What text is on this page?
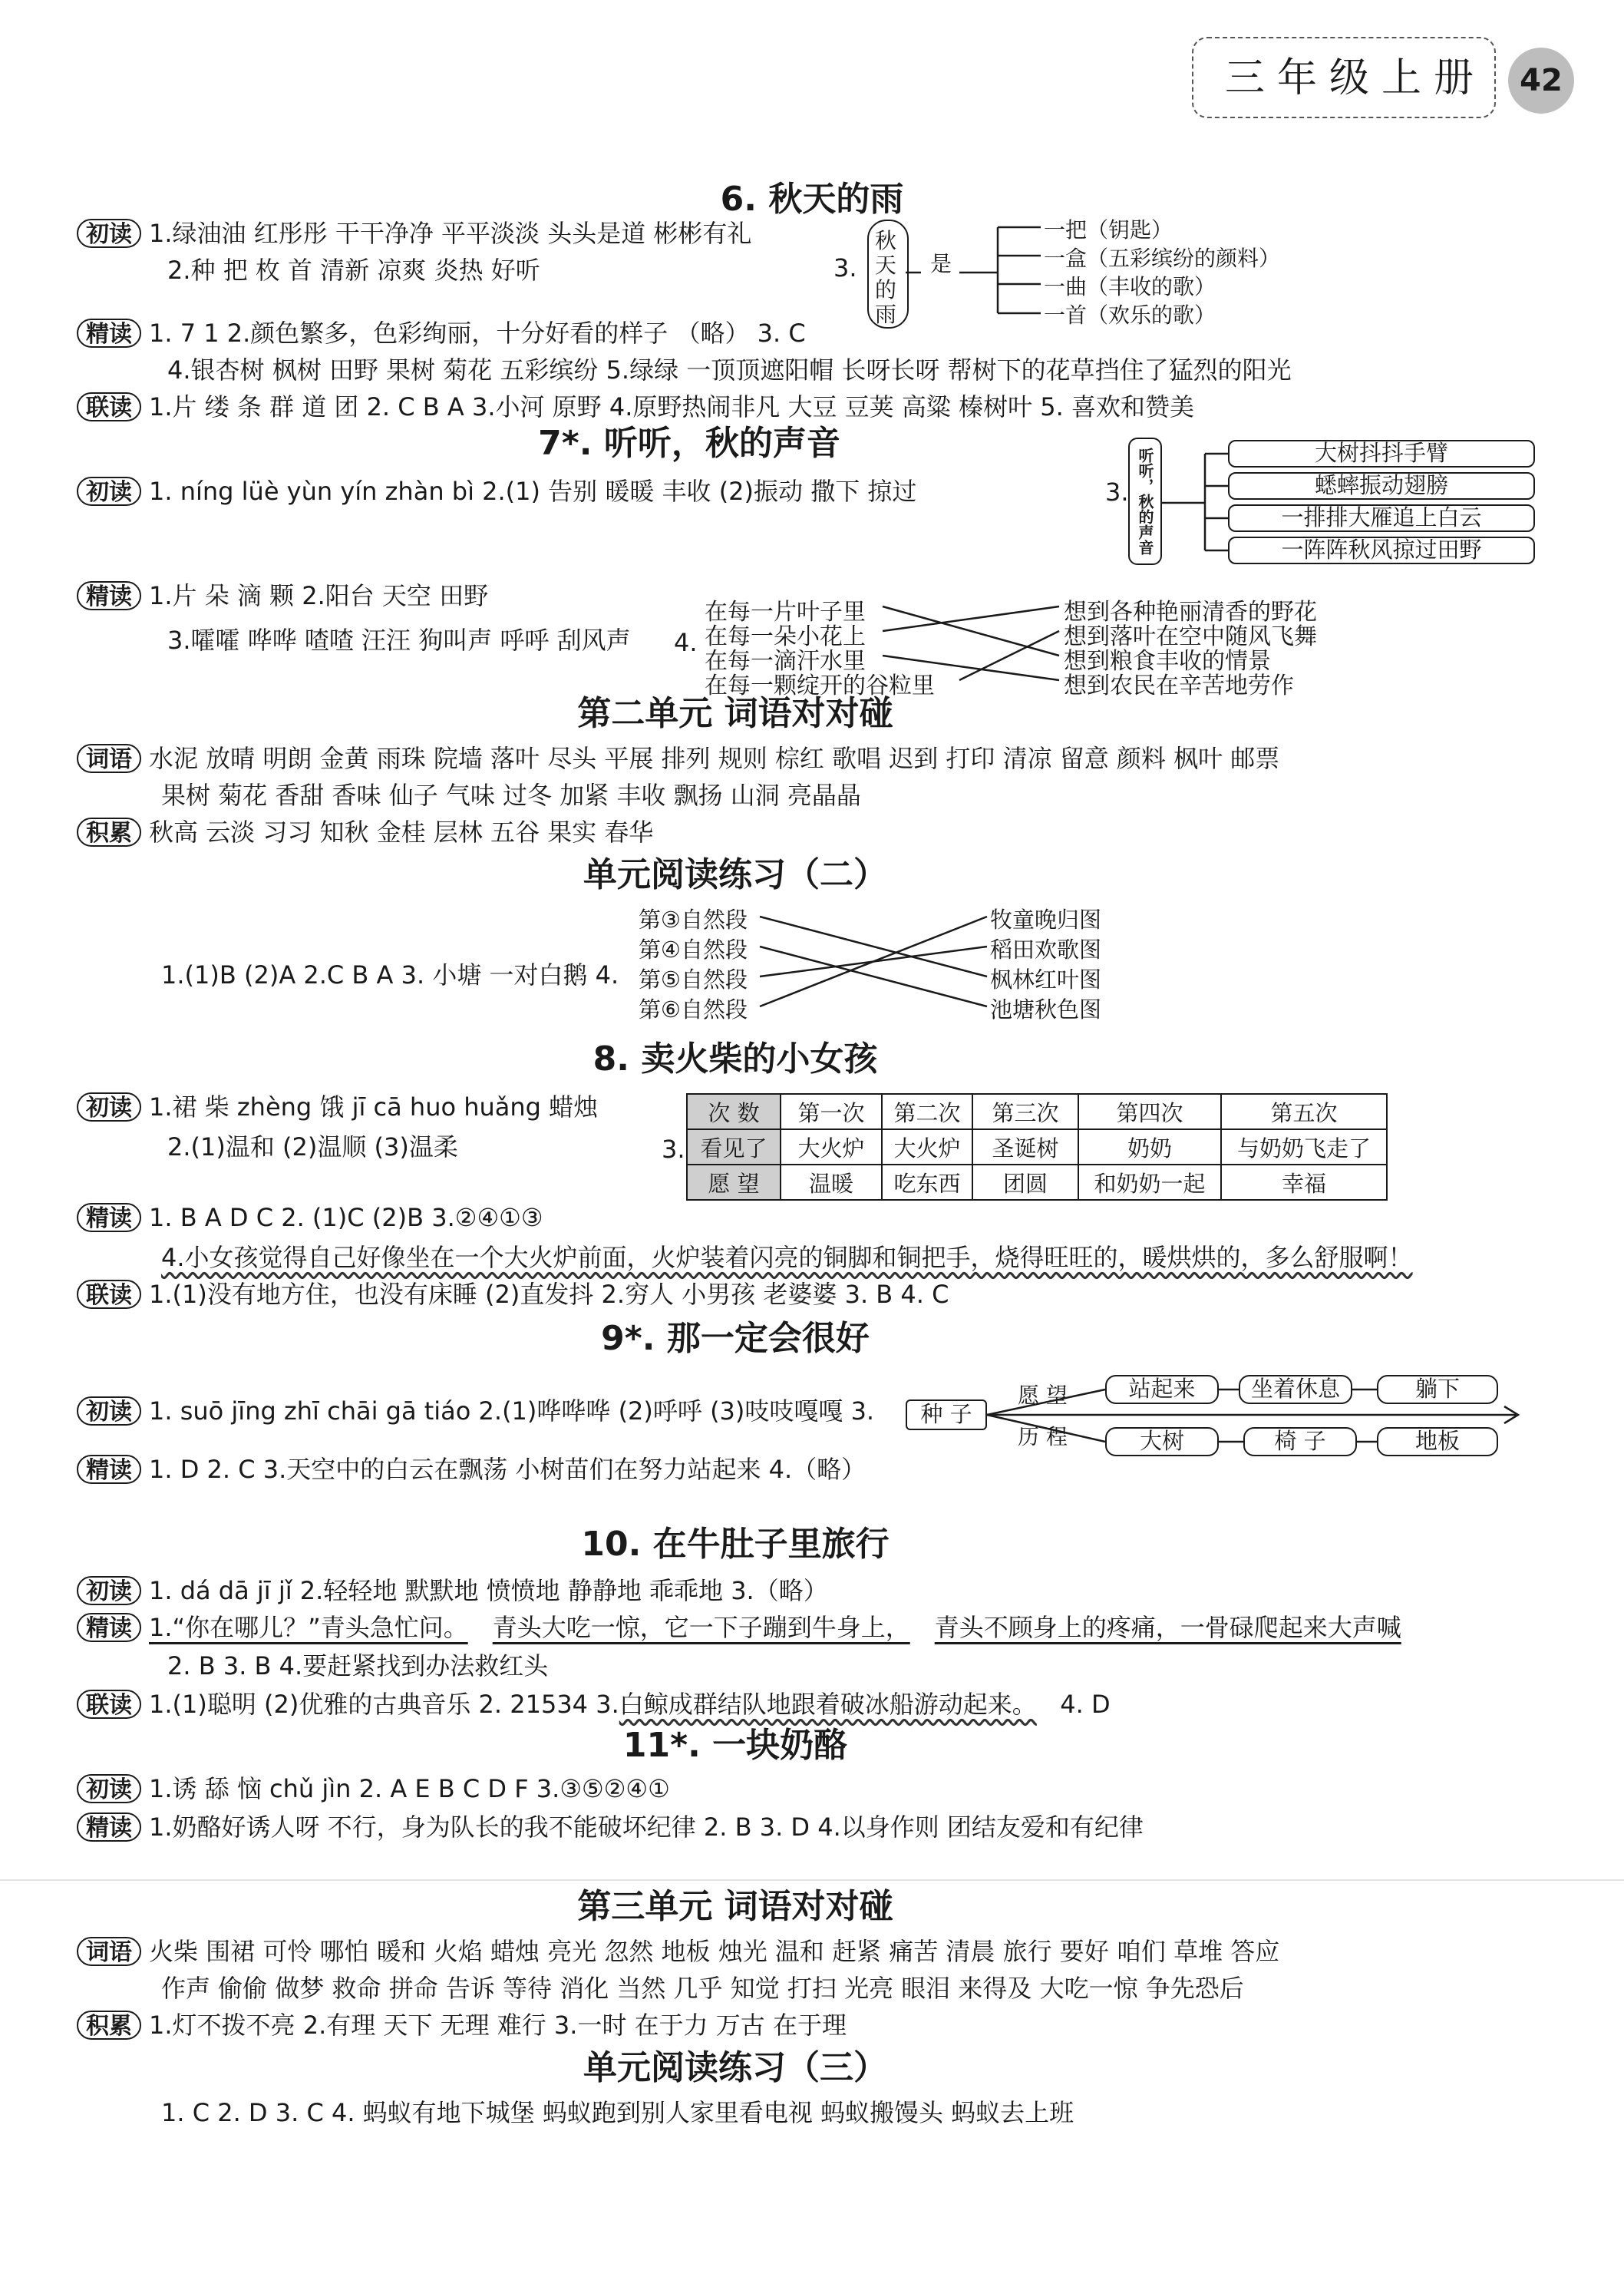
三年级上册	42
6. 秋天的雨
初读 1.绿油油 红彤彤 干干净净 平平淡淡 头头是道 彬彬有礼
2.种 把 枚 首 清新 凉爽 炎热 好听	3.
秋
天
的
雨
是
一把（钥匙）
一盒（五彩缤纷的颜料）
一曲（丰收的歌）
一首（欢乐的歌）
精读 1. 7 1 2.颜色繁多，色彩绚丽，十分好看的样子 （略） 3. C
4.银杏树 枫树 田野 果树 菊花 五彩缤纷 5.绿绿 一顶顶遮阳帽 长呀长呀 帮树下的花草挡住了猛烈的阳光
联读 1.片 缕 条 群 道 团 2. C B A 3.小河 原野 4.原野热闹非凡 大豆 豆荚 高粱 榛树叶 5. 喜欢和赞美
7*. 听听，秋的声音
初读 1. níng lüè yùn yín zhàn bì 2.(1) 告别 暖暖 丰收 (2)振动 撒下 掠过	3. 听听，秋的声音	大树抖抖手臂
蟋蟀振动翅膀
一排排大雁追上白云
一阵阵秋风掠过田野
精读 1.片 朵 滴 颗 2.阳台 天空 田野
3.嚯嚯 哗哗 喳喳 汪汪 狗叫声 呼呼 刮风声 4.
在每一片叶子里
在每一朵小花上
在每一滴汗水里
在每一颗绽开的谷粒里
想到各种艳丽清香的野花
想到落叶在空中随风飞舞
想到粮食丰收的情景
想到农民在辛苦地劳作
第二单元 词语对对碰
词语 水泥 放晴 明朗 金黄 雨珠 院墙 落叶 尽头 平展 排列 规则 棕红 歌唱 迟到 打印 清凉 留意 颜料 枫叶 邮票
果树 菊花 香甜 香味 仙子 气味 过冬 加紧 丰收 飘扬 山洞 亮晶晶
积累 秋高 云淡 习习 知秋 金桂 层林 五谷 果实 春华
单元阅读练习（二）
1.(1)B (2)A 2.C B A 3. 小塘 一对白鹅 4.
第③自然段
第④自然段
第⑤自然段
第⑥自然段
牧童晚归图
稻田欢歌图
枫林红叶图
池塘秋色图
8. 卖火柴的小女孩
初读 1.裙 柴 zhèng 饿 jī cā huo huǎng 蜡烛
2.(1)温和 (2)温顺 (3)温柔	3.
次 数	第一次	第二次	第三次	第四次	第五次
看见了	大火炉	大火炉	圣诞树	奶奶	与奶奶飞走了
愿 望	温暖	吃东西	团圆	和奶奶一起	幸福
精读 1. B A D C 2. (1)C (2)B 3.②④①③
4.小女孩觉得自己好像坐在一个大火炉前面，火炉装着闪亮的铜脚和铜把手，烧得旺旺的，暖烘烘的，多么舒服啊！
联读 1.(1)没有地方住，也没有床睡 (2)直发抖 2.穷人 小男孩 老婆婆 3. B 4. C
9*. 那一定会很好
初读 1. suō jīng zhī chāi gā tiáo 2.(1)哗哗哗 (2)呼呼 (3)吱吱嘎嘎 3.	种 子
愿 望
历 程
站起来	坐着休息	躺下
大树	椅 子	地板
精读 1. D 2. C 3.天空中的白云在飘荡 小树苗们在努力站起来 4.（略）
10. 在牛肚子里旅行
初读 1. dá dā jī jǐ 2.轻轻地 默默地 愤愤地 静静地 乖乖地 3.（略）
精读 1.“你在哪儿？”青头急忙问。 青头大吃一惊，它一下子蹦到牛身上， 青头不顾身上的疼痛，一骨碌爬起来大声喊
2. B 3. B 4.要赶紧找到办法救红头
联读 1.(1)聪明 (2)优雅的古典音乐 2. 21534 3. 白鲸成群结队地跟着破冰船游动起来。 4. D
11*. 一块奶酪
初读 1.诱 舔 恼 chǔ jìn 2. A E B C D F 3.③⑤②④①
精读 1.奶酪好诱人呀 不行，身为队长的我不能破坏纪律 2. B 3. D 4.以身作则 团结友爱和有纪律
第三单元 词语对对碰
词语 火柴 围裙 可怜 哪怕 暖和 火焰 蜡烛 亮光 忽然 地板 烛光 温和 赶紧 痛苦 清晨 旅行 要好 咱们 草堆 答应
作声 偷偷 做梦 救命 拼命 告诉 等待 消化 当然 几乎 知觉 打扫 光亮 眼泪 来得及 大吃一惊 争先恐后
积累 1.灯不拨不亮 2.有理 天下 无理 难行 3.一时 在于力 万古 在于理
单元阅读练习（三）
1. C 2. D 3. C 4. 蚂蚁有地下城堡 蚂蚁跑到别人家里看电视 蚂蚁搬馒头 蚂蚁去上班
